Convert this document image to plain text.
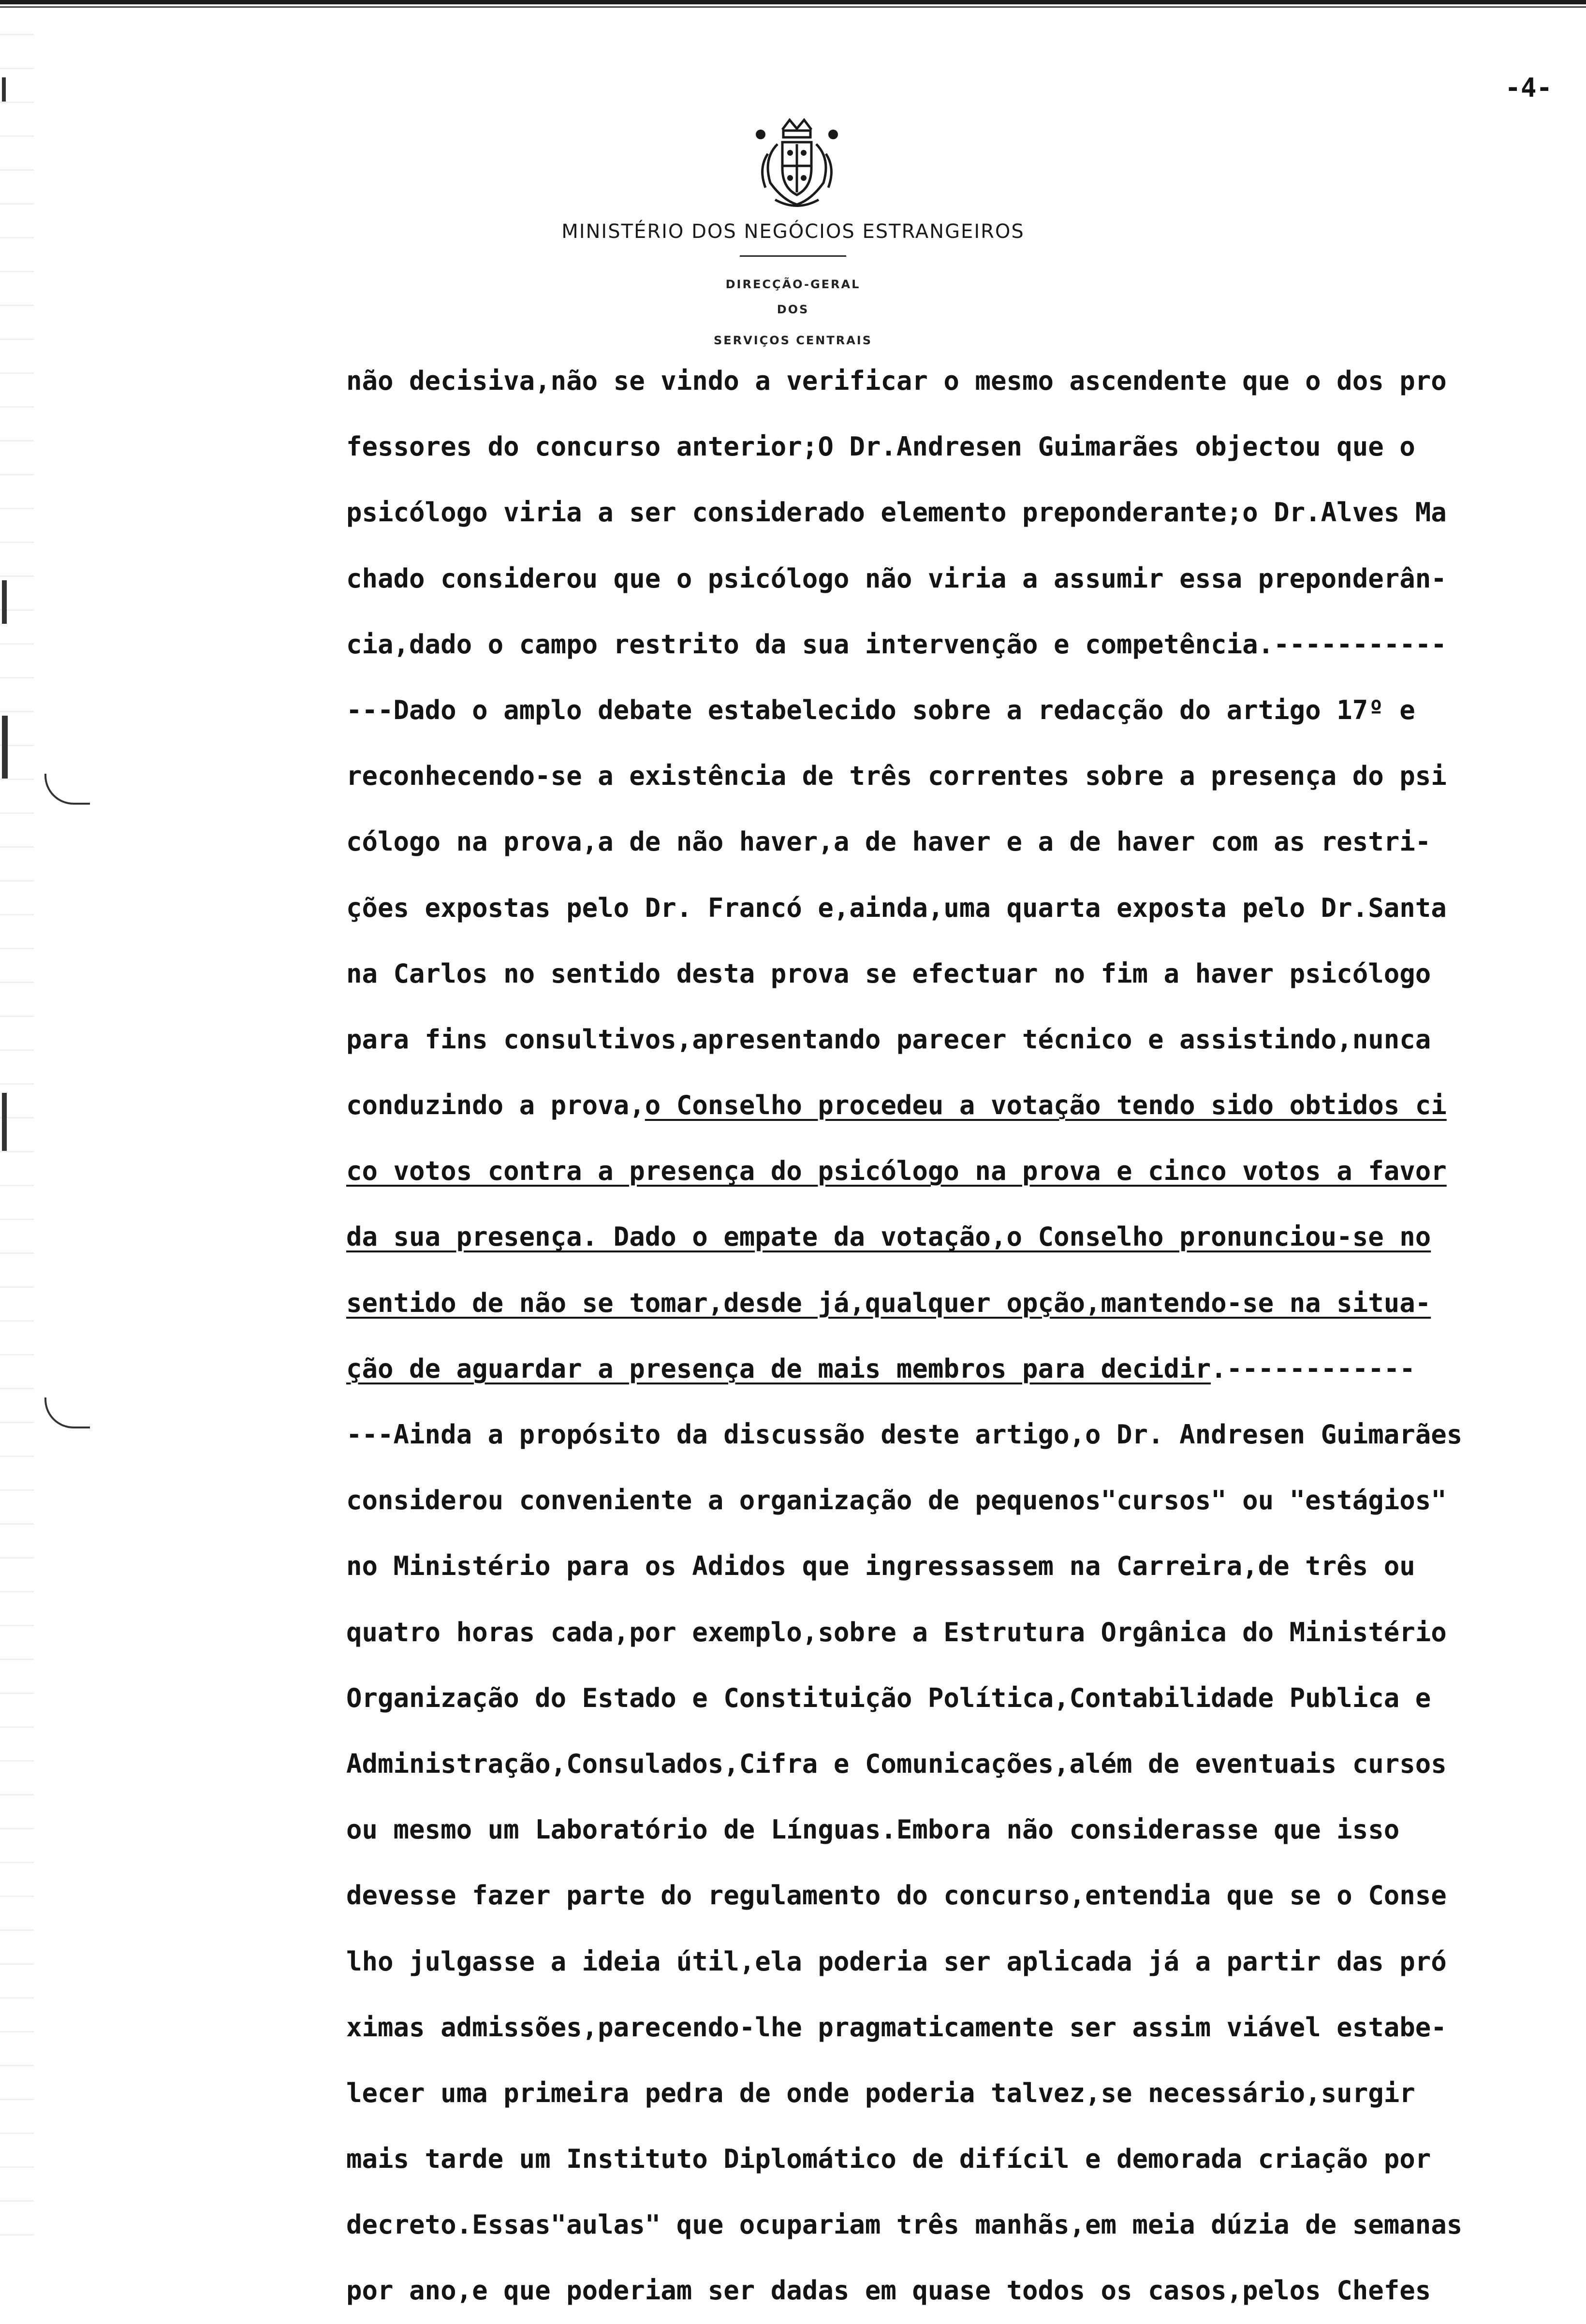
-4-
MINISTÉRIO DOS NEGÓCIOS ESTRANGEIROS
DIRECÇÃO-GERAL
DOS
SERVIÇOS CENTRAIS
não decisiva,não se vindo a verificar o mesmo ascendente que o dos pro
fessores do concurso anterior;O Dr.Andresen Guimarães objectou que o
psicólogo viria a ser considerado elemento preponderante;o Dr.Alves Ma
chado considerou que o psicólogo não viria a assumir essa preponderân-
cia,dado o campo restrito da sua intervenção e competência.-----------
---Dado o amplo debate estabelecido sobre a redacção do artigo 17º e
reconhecendo-se a existência de três correntes sobre a presença do psi
cólogo na prova,a de não haver,a de haver e a de haver com as restri-
ções expostas pelo Dr. Francó e,ainda,uma quarta exposta pelo Dr.Santa
na Carlos no sentido desta prova se efectuar no fim a haver psicólogo
para fins consultivos,apresentando parecer técnico e assistindo,nunca
conduzindo a prova,o Conselho procedeu a votação tendo sido obtidos ci
co votos contra a presença do psicólogo na prova e cinco votos a favor
da sua presença. Dado o empate da votação,o Conselho pronunciou-se no
sentido de não se tomar,desde já,qualquer opção,mantendo-se na situa-
ção de aguardar a presença de mais membros para decidir.------------
---Ainda a propósito da discussão deste artigo,o Dr. Andresen Guimarães
considerou conveniente a organização de pequenos"cursos" ou "estágios"
no Ministério para os Adidos que ingressassem na Carreira,de três ou
quatro horas cada,por exemplo,sobre a Estrutura Orgânica do Ministério
Organização do Estado e Constituição Política,Contabilidade Publica e
Administração,Consulados,Cifra e Comunicações,além de eventuais cursos
ou mesmo um Laboratório de Línguas.Embora não considerasse que isso
devesse fazer parte do regulamento do concurso,entendia que se o Conse
lho julgasse a ideia útil,ela poderia ser aplicada já a partir das pró
ximas admissões,parecendo-lhe pragmaticamente ser assim viável estabe-
lecer uma primeira pedra de onde poderia talvez,se necessário,surgir
mais tarde um Instituto Diplomático de difícil e demorada criação por
decreto.Essas"aulas" que ocupariam três manhãs,em meia dúzia de semanas
por ano,e que poderiam ser dadas em quase todos os casos,pelos Chefes
